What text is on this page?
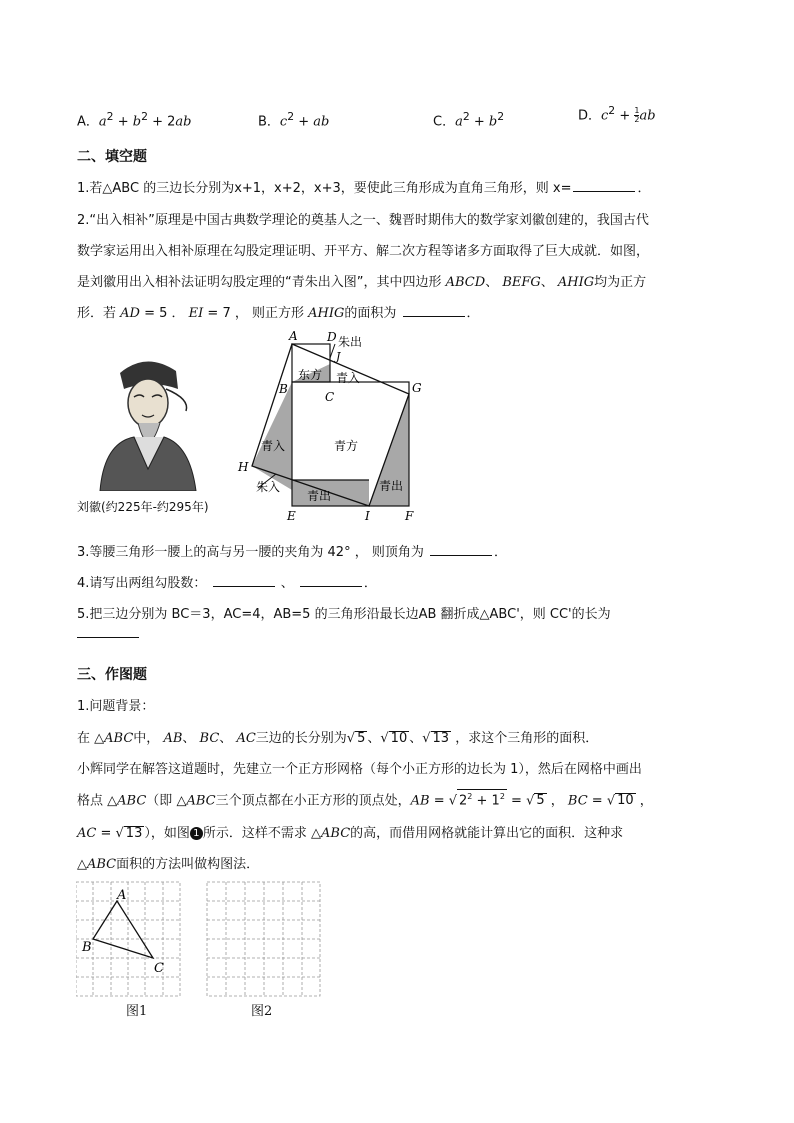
A．$a^2 + b^2 + 2ab$	B．$c^2$ + ab	C．$a^2 + b^2$	D．$c^2 + \frac{1}{2}$ ab
二、填空题
1.若△ABC 的三边长分别为x+1，x+2，x+3，要使此三角形成为直角三角形，则 x=	．
2.“出入相补”原理是中国古典数学理论的奠基人之一、魏晋时期伟大的数学家刘徽创建的，我国古代
数学家运用出入相补原理在勾股定理证明、开平方、解二次方程等诸多方面取得了巨大成就．如图，
是刘徽用出入相补法证明勾股定理的“青朱出入图”，其中四边形 ABCD、 BEFG、 AHIG均为正方
形．若 AD = 5 ． EI = 7 ， 则正方形 AHIG的面积为	．
刘徽(约225年-约295年)
A D
J
B
C
G
H
E	I	F
朱出
东方 青入
青入	青方
朱入
青出
青出
3.等腰三角形一腰上的高与另一腰的夹角为 42° ， 则顶角为	．
4.请写出两组勾股数：	、	．
5.把三边分别为 BC＝3，AC=4，AB=5 的三角形沿最长边AB 翻折成△ABC'，则 CC'的长为
三、作图题
1.问题背景：
在 △ABC中， AB、 BC、 AC三边的长分别为√ 5 、√ 10 、√ 13 ，求这个三角形的面积．
小辉同学在解答这道题时，先建立一个正方形网格（每个小正方形的边长为 1），然后在网格中画出
格点 △ABC（即 △ABC三个顶点都在小正方形的顶点处，AB = √ $2^2 + 1^2$ = √ 5 ， BC = √ 10 ，
AC = √ 13 ），如图 1 所示．这样不需求 △ABC的高，而借用网格就能计算出它的面积．这种求
△ABC面积的方法叫做构图法．
A
B
C
图1	图2
